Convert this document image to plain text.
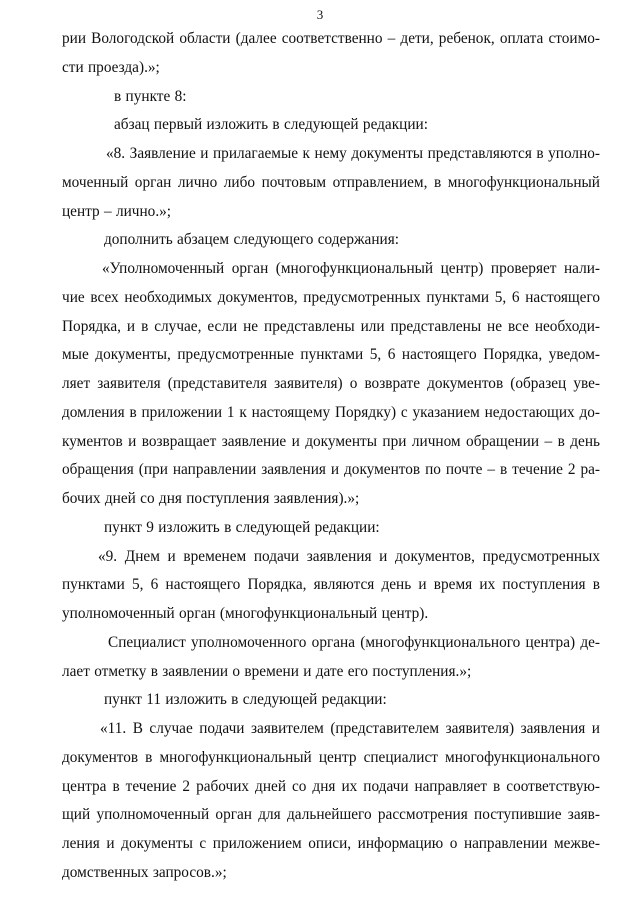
3
рии Вологодской области (далее соответственно – дети, ребенок, оплата стоимо-
сти проезда).»;
в пункте 8:
абзац первый изложить в следующей редакции:
«8. Заявление и прилагаемые к нему документы представляются в уполно-
моченный орган лично либо почтовым отправлением, в многофункциональный
центр – лично.»;
дополнить абзацем следующего содержания:
«Уполномоченный орган (многофункциональный центр) проверяет нали-
чие всех необходимых документов, предусмотренных пунктами 5, 6 настоящего
Порядка, и в случае, если не представлены или представлены не все необходи-
мые документы, предусмотренные пунктами 5, 6 настоящего Порядка, уведом-
ляет заявителя (представителя заявителя) о возврате документов (образец уве-
домления в приложении 1 к настоящему Порядку) с указанием недостающих до-
кументов и возвращает заявление и документы при личном обращении – в день
обращения (при направлении заявления и документов по почте – в течение 2 ра-
бочих дней со дня поступления заявления).»;
пункт 9 изложить в следующей редакции:
«9. Днем и временем подачи заявления и документов, предусмотренных
пунктами 5, 6 настоящего Порядка, являются день и время их поступления в
уполномоченный орган (многофункциональный центр).
Специалист уполномоченного органа (многофункционального центра) де-
лает отметку в заявлении о времени и дате его поступления.»;
пункт 11 изложить в следующей редакции:
«11. В случае подачи заявителем (представителем заявителя) заявления и
документов в многофункциональный центр специалист многофункционального
центра в течение 2 рабочих дней со дня их подачи направляет в соответствую-
щий уполномоченный орган для дальнейшего рассмотрения поступившие заяв-
ления и документы с приложением описи, информацию о направлении межве-
домственных запросов.»;
